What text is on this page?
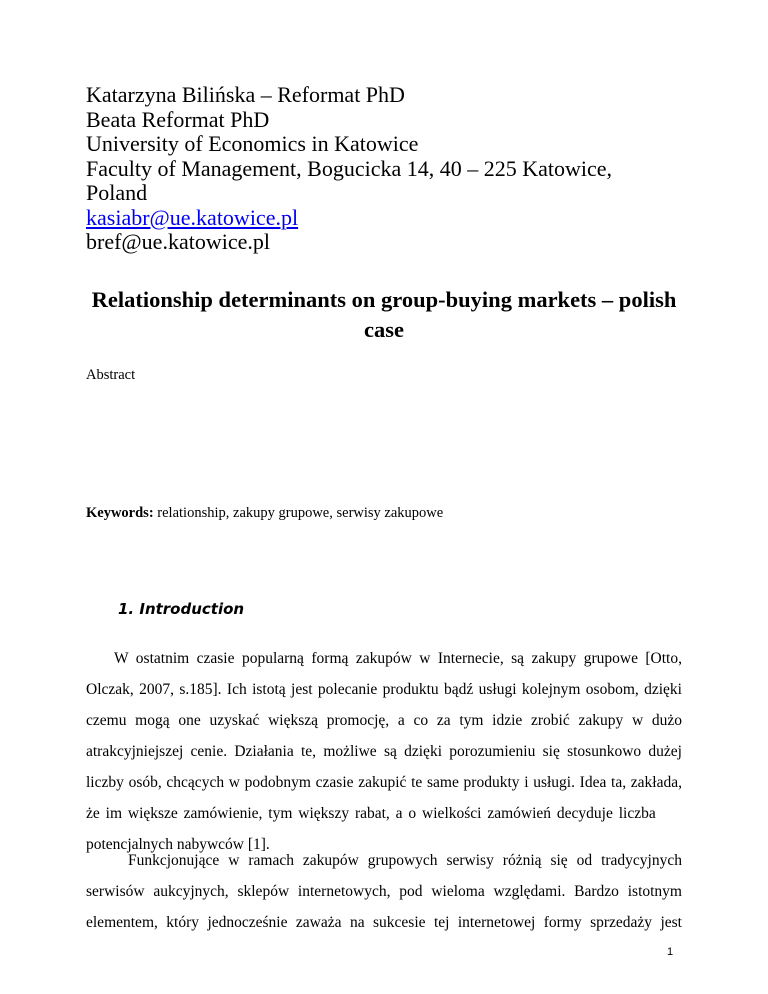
Katarzyna Bilińska – Reformat PhD
Beata Reformat PhD
University of Economics in Katowice
Faculty of Management, Bogucicka 14, 40 – 225 Katowice,
Poland
kasiabr@ue.katowice.pl
bref@ue.katowice.pl
Relationship determinants on group-buying markets – polish case
Abstract
Keywords: relationship, zakupy grupowe, serwisy zakupowe
1. Introduction
W ostatnim czasie popularną formą zakupów w Internecie, są zakupy grupowe [Otto,
Olczak, 2007, s.185]. Ich istotą jest polecanie produktu bądź usługi kolejnym osobom, dzięki
czemu mogą one uzyskać większą promocję, a co za tym idzie zrobić zakupy w dużo
atrakcyjniejszej cenie. Działania te, możliwe są dzięki porozumieniu się stosunkowo dużej
liczby osób, chcących w podobnym czasie zakupić te same produkty i usługi. Idea ta, zakłada,
że im większe zamówienie, tym większy rabat, a o wielkości zamówień decyduje liczba
potencjalnych nabywców [1].
Funkcjonujące w ramach zakupów grupowych serwisy różnią się od tradycyjnych
serwisów aukcyjnych, sklepów internetowych, pod wieloma względami. Bardzo istotnym
elementem, który jednocześnie zaważa na sukcesie tej internetowej formy sprzedaży jest
1
